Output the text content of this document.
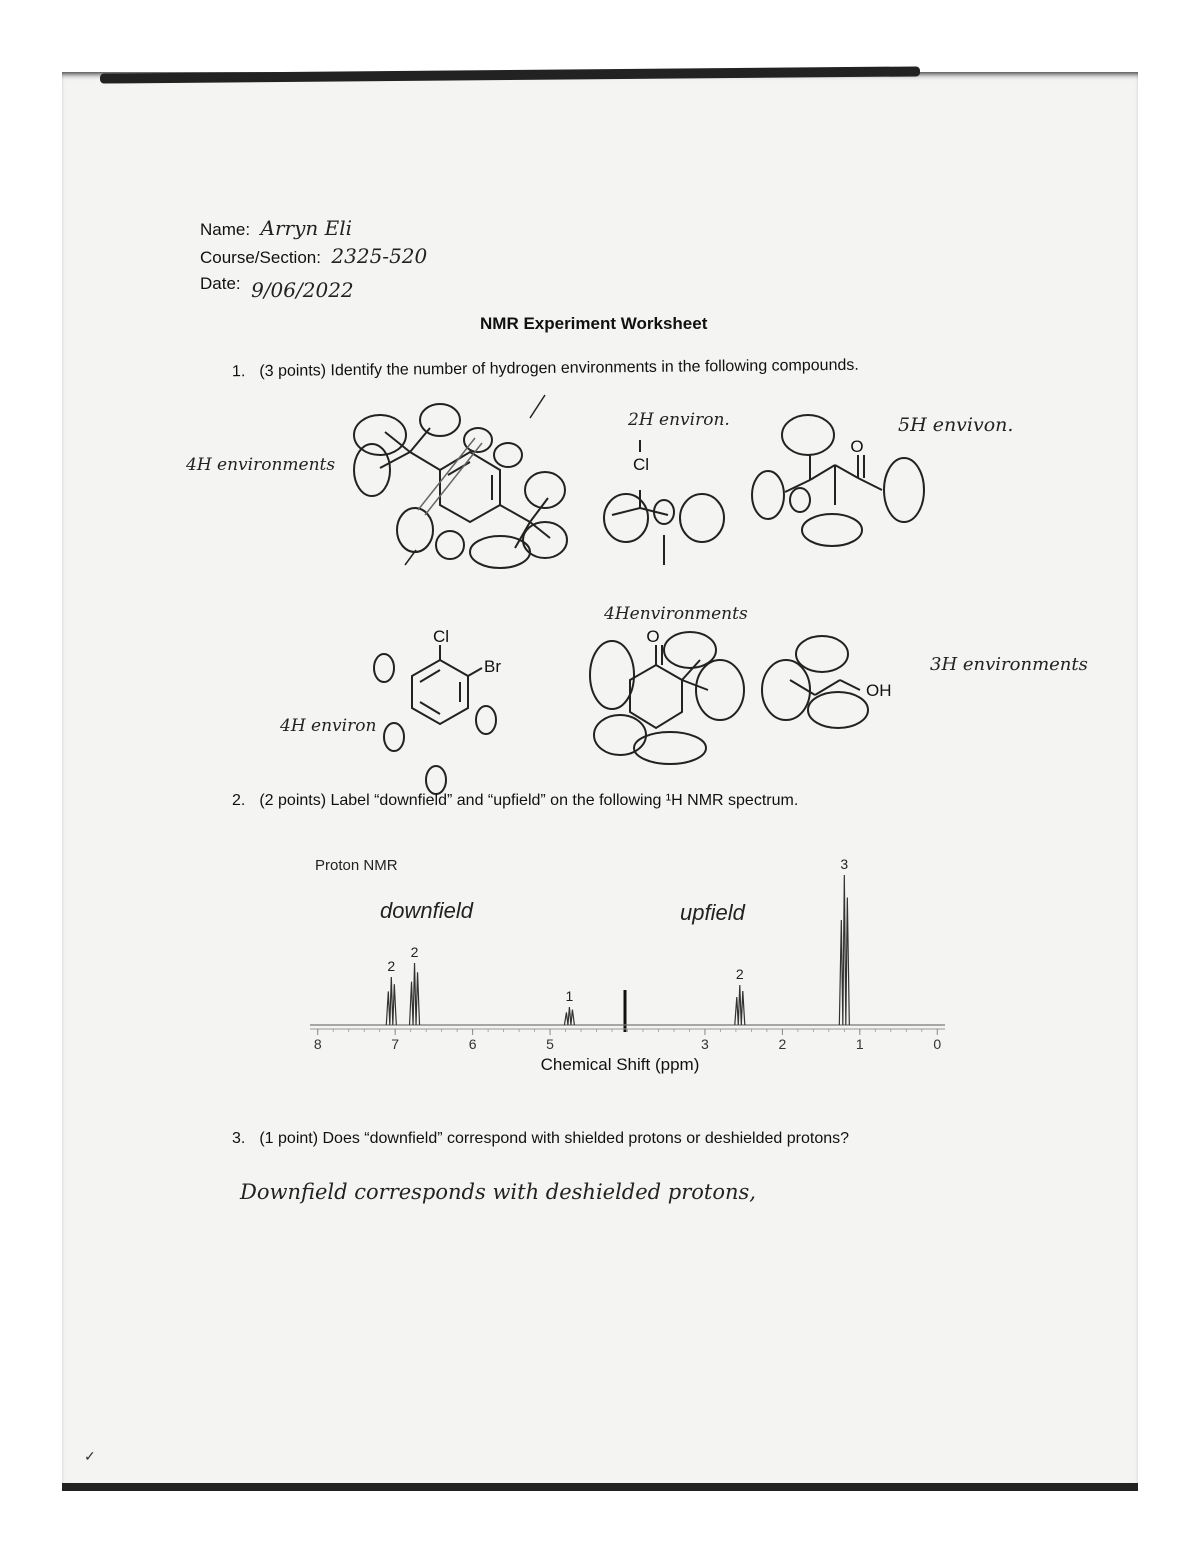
✓
Name: Arryn Eli
Course/Section: 2325-520
Date: 9/06/2022
NMR Experiment Worksheet
1. (3 points) Identify the number of hydrogen environments in the following compounds.
4H environments
2H environ.	5H envivon.
4H environ
4Henvironments
3H environments
Cl
O
Cl
Br
O
OH
2. (2 points) Label “downfield” and “upfield” on the following ¹H NMR spectrum.
Proton NMR
downfield	upfield
8	7	6	5	3	2	1	0
2
2
1
2
3
Chemical Shift (ppm)
3. (1 point) Does “downfield” correspond with shielded protons or deshielded protons?
Downfield corresponds with deshielded protons,
